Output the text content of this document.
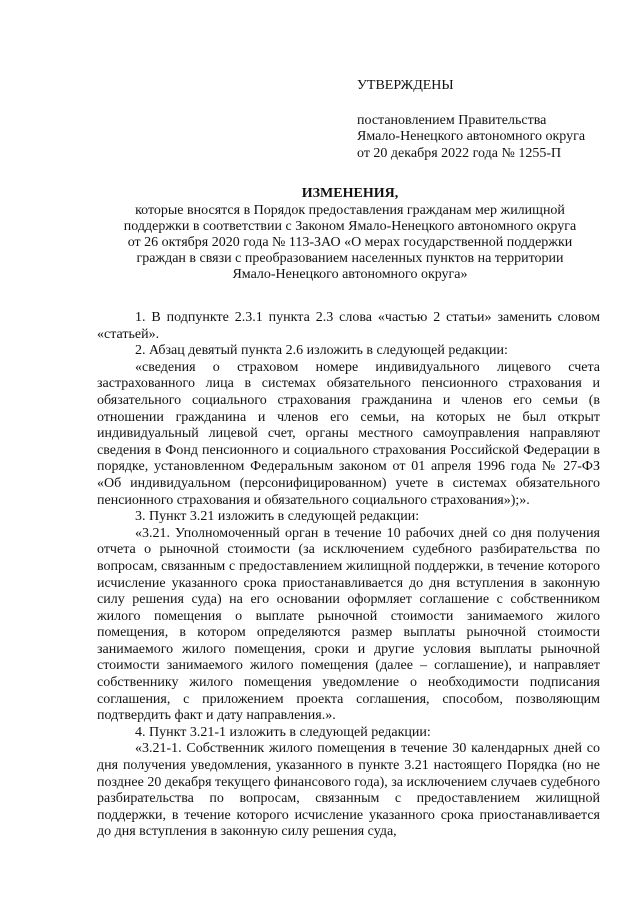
УТВЕРЖДЕНЫ
постановлением Правительства
Ямало-Ненецкого автономного округа
от 20 декабря 2022 года № 1255-П
ИЗМЕНЕНИЯ,
которые вносятся в Порядок предоставления гражданам мер жилищной
поддержки в соответствии с Законом Ямало-Ненецкого автономного округа
от 26 октября 2020 года № 113-ЗАО «О мерах государственной поддержки
граждан в связи с преобразованием населенных пунктов на территории
Ямало-Ненецкого автономного округа»

1. В подпункте 2.3.1 пункта 2.3 слова «частью 2 статьи» заменить словом «статьей».

2. Абзац девятый пункта 2.6 изложить в следующей редакции:

«сведения о страховом номере индивидуального лицевого счета застрахованного лица в системах обязательного пенсионного страхования и обязательного социального страхования гражданина и членов его семьи (в отношении гражданина и членов его семьи, на которых не был открыт индивидуальный лицевой счет, органы местного самоуправления направляют сведения в Фонд пенсионного и социального страхования Российской Федерации в порядке, установленном Федеральным законом от 01 апреля 1996 года № 27-ФЗ «Об индивидуальном (персонифицированном) учете в системах обязательного пенсионного страхования и обязательного социального страхования»);».

3. Пункт 3.21 изложить в следующей редакции:

«3.21. Уполномоченный орган в течение 10 рабочих дней со дня получения отчета о рыночной стоимости (за исключением судебного разбирательства по вопросам, связанным с предоставлением жилищной поддержки, в течение которого исчисление указанного срока приостанавливается до дня вступления в законную силу решения суда) на его основании оформляет соглашение с собственником жилого помещения о выплате рыночной стоимости занимаемого жилого помещения, в котором определяются размер выплаты рыночной стоимости занимаемого жилого помещения, сроки и другие условия выплаты рыночной стоимости занимаемого жилого помещения (далее – соглашение), и направляет собственнику жилого помещения уведомление о необходимости подписания соглашения, с приложением проекта соглашения, способом, позволяющим подтвердить факт и дату направления.».

4. Пункт 3.21-1 изложить в следующей редакции:

«3.21-1. Собственник жилого помещения в течение 30 календарных дней со дня получения уведомления, указанного в пункте 3.21 настоящего Порядка (но не позднее 20 декабря текущего финансового года), за исключением случаев судебного разбирательства по вопросам, связанным с предоставлением жилищной поддержки, в течение которого исчисление указанного срока приостанавливается до дня вступления в законную силу решения суда,
